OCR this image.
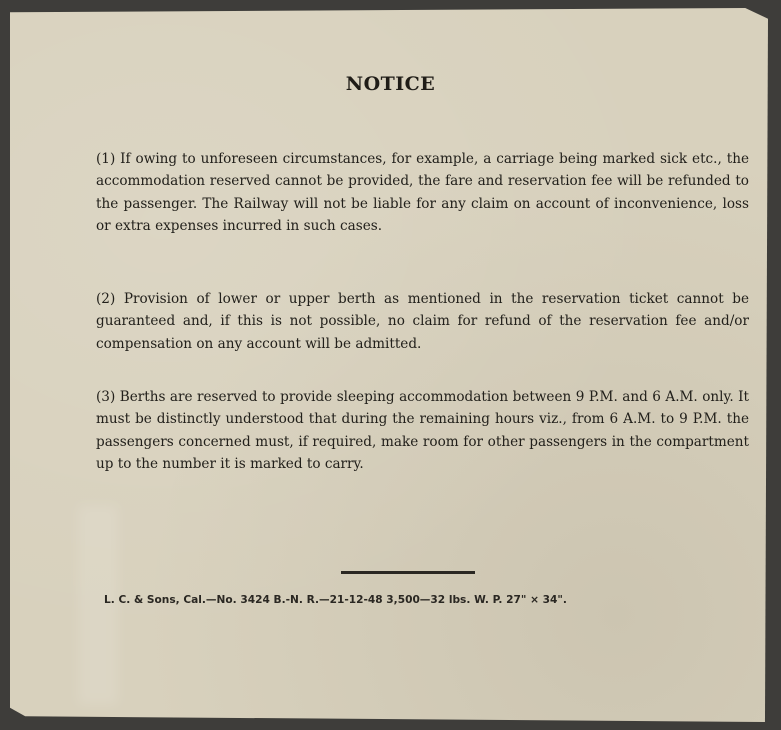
NOTICE
(1) If owing to unforeseen circumstances, for example, a carriage being marked sick etc., the accommodation reserved cannot be provided, the fare and reservation fee will be refunded to the passenger. The Railway will not be liable for any claim on account of inconvenience, loss or extra expenses incurred in such cases.
(2) Provision of lower or upper berth as mentioned in the reservation ticket cannot be guaranteed and, if this is not possible, no claim for refund of the reservation fee and/or compensation on any account will be admitted.
(3) Berths are reserved to provide sleeping accommodation between 9 P.M. and 6 A.M. only. It must be distinctly understood that during the remaining hours viz., from 6 A.M. to 9 P.M. the passengers concerned must, if required, make room for other passengers in the compartment up to the number it is marked to carry.
L. C. & Sons, Cal.—No. 3424 B.-N. R.—21-12-48 3,500—32 lbs. W. P. 27" × 34".
